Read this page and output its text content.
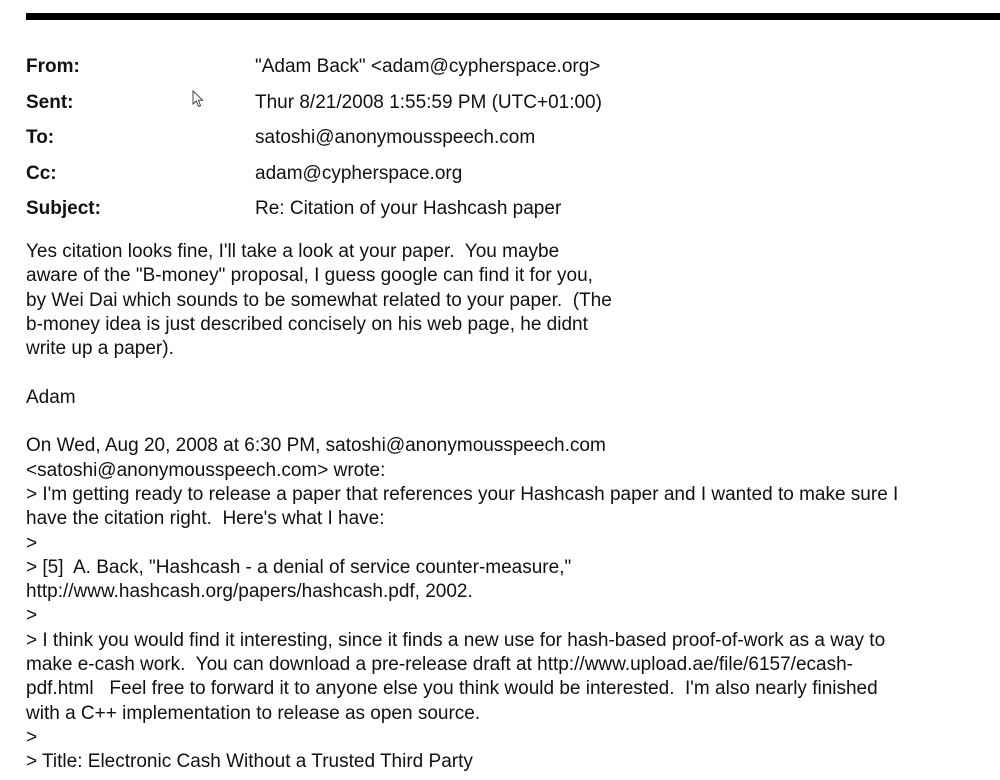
From:	"Adam Back" <adam@cypherspace.org>
Sent:	Thur 8/21/2008 1:55:59 PM (UTC+01:00)
To:	satoshi@anonymousspeech.com
Cc:	adam@cypherspace.org
Subject:	Re: Citation of your Hashcash paper
Yes citation looks fine, I'll take a look at your paper.  You maybe
aware of the "B-money" proposal, I guess google can find it for you,
by Wei Dai which sounds to be somewhat related to your paper.  (The
b-money idea is just described concisely on his web page, he didnt
write up a paper).
Adam
On Wed, Aug 20, 2008 at 6:30 PM, satoshi@anonymousspeech.com
<satoshi@anonymousspeech.com> wrote:
> I'm getting ready to release a paper that references your Hashcash paper and I wanted to make sure I
have the citation right.  Here's what I have:
>
> [5]  A. Back, "Hashcash - a denial of service counter-measure,"
http://www.hashcash.org/papers/hashcash.pdf, 2002.
>
> I think you would find it interesting, since it finds a new use for hash-based proof-of-work as a way to
make e-cash work.  You can download a pre-release draft at http://www.upload.ae/file/6157/ecash-
pdf.html   Feel free to forward it to anyone else you think would be interested.  I'm also nearly finished
with a C++ implementation to release as open source.
>
> Title: Electronic Cash Without a Trusted Third Party
